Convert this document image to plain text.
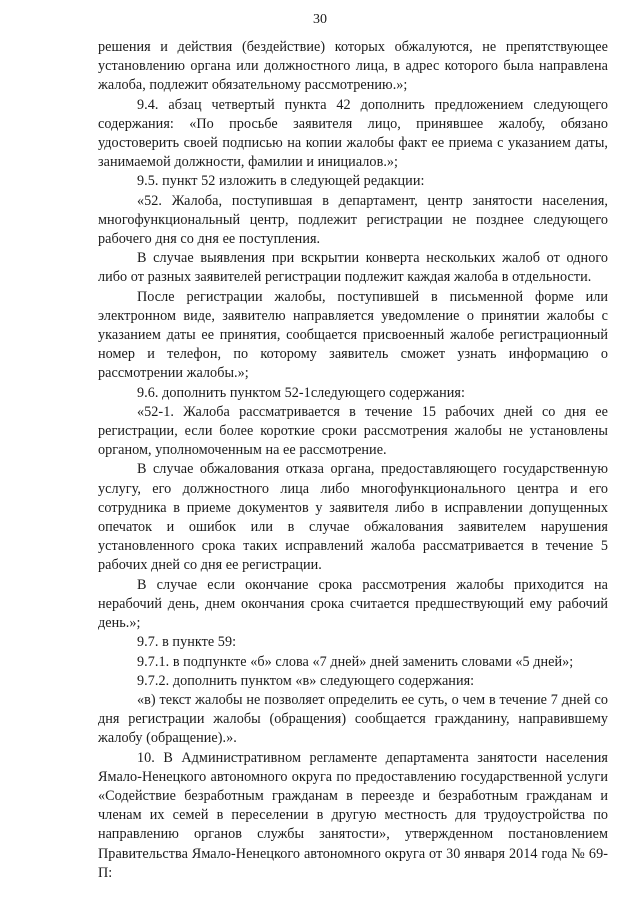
30

решения и действия (бездействие) которых обжалуются, не препятствующее установлению органа или должностного лица, в адрес которого была направлена жалоба, подлежит обязательному рассмотрению.»;

9.4. абзац четвертый пункта 42 дополнить предложением следующего содержания: «По просьбе заявителя лицо, принявшее жалобу, обязано удостоверить своей подписью на копии жалобы факт ее приема с указанием даты, занимаемой должности, фамилии и инициалов.»;

9.5. пункт 52 изложить в следующей редакции:

«52. Жалоба, поступившая в департамент, центр занятости населения, многофункциональный центр, подлежит регистрации не позднее следующего рабочего дня со дня ее поступления.

В случае выявления при вскрытии конверта нескольких жалоб от одного либо от разных заявителей регистрации подлежит каждая жалоба в отдельности.

После регистрации жалобы, поступившей в письменной форме или электронном виде, заявителю направляется уведомление о принятии жалобы с указанием даты ее принятия, сообщается присвоенный жалобе регистрационный номер и телефон, по которому заявитель сможет узнать информацию о рассмотрении жалобы.»;

9.6. дополнить пунктом 52-1следующего содержания:

«52-1. Жалоба рассматривается в течение 15 рабочих дней со дня ее регистрации, если более короткие сроки рассмотрения жалобы не установлены органом, уполномоченным на ее рассмотрение.

В случае обжалования отказа органа, предоставляющего государственную услугу, его должностного лица либо многофункционального центра и его сотрудника в приеме документов у заявителя либо в исправлении допущенных опечаток и ошибок или в случае обжалования заявителем нарушения установленного срока таких исправлений жалоба рассматривается в течение 5 рабочих дней со дня ее регистрации.

В случае если окончание срока рассмотрения жалобы приходится на нерабочий день, днем окончания срока считается предшествующий ему рабочий день.»;

9.7. в пункте 59:

9.7.1. в подпункте «б» слова «7 дней» дней заменить словами «5 дней»;

9.7.2. дополнить пунктом «в» следующего содержания:

«в) текст жалобы не позволяет определить ее суть, о чем в течение 7 дней со дня регистрации жалобы (обращения) сообщается гражданину, направившему жалобу (обращение).».

10. В Административном регламенте департамента занятости населения Ямало-Ненецкого автономного округа по предоставлению государственной услуги «Содействие безработным гражданам в переезде и безработным гражданам и членам их семей в переселении в другую местность для трудоустройства по направлению органов службы занятости», утвержденном постановлением Правительства Ямало-Ненецкого автономного округа от 30 января 2014 года № 69-П:
